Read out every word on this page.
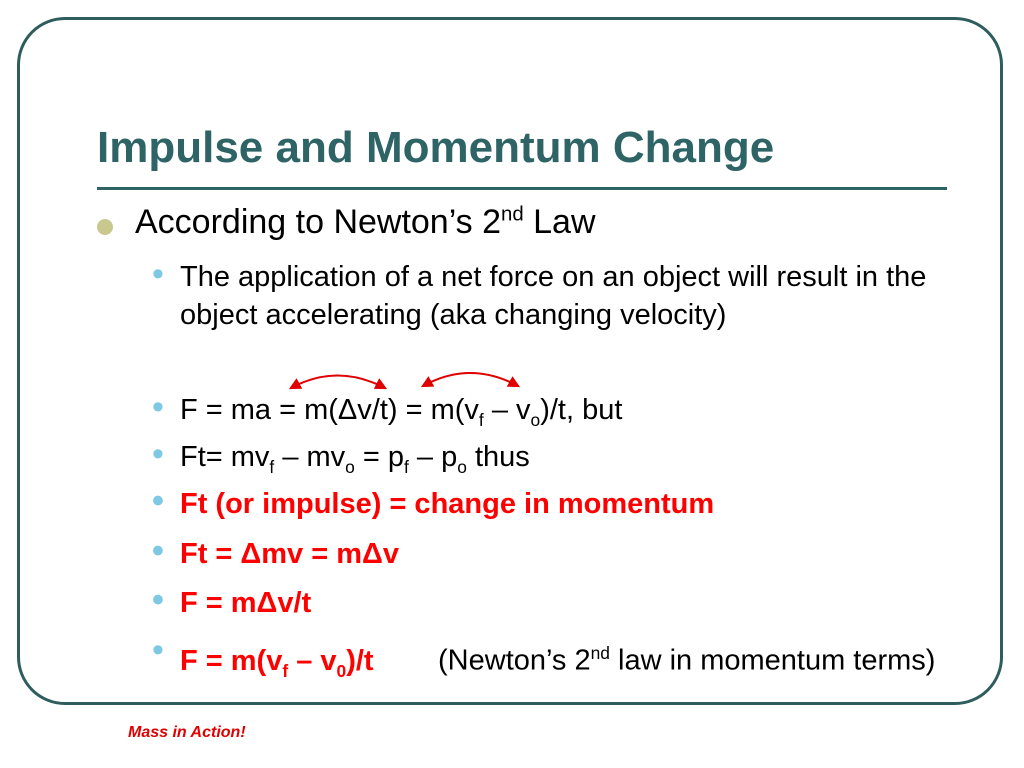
Impulse and Momentum Change
According to Newton’s 2nd Law
• The application of a net force on an object will result in the object accelerating (aka changing velocity)
• F = ma = $m(\Delta v/t) = m(v_f - v_o)/t$, but
• $Ft= mv_f - mv_o = p_f - p_o$ thus
• Ft (or impulse) = change in momentum
• Ft = Δmv = mΔv
• F = mΔv/t
• $F = m(v_f - v_0)/t$        (Newton’s 2nd law in momentum terms)
Mass in Action!
